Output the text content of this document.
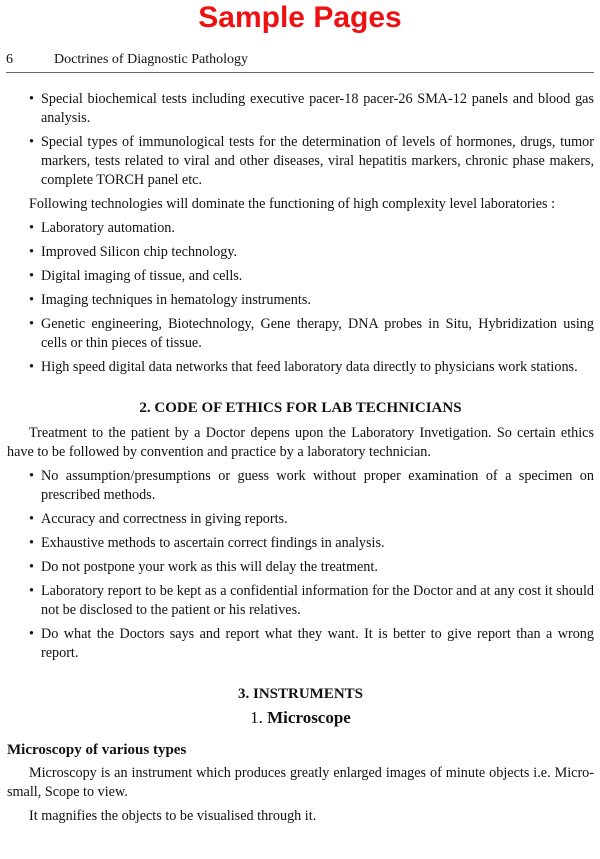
Sample Pages
6	Doctrines of Diagnostic Pathology
• Special biochemical tests including executive pacer-18 pacer-26 SMA-12 panels and blood gas analysis.
• Special types of immunological tests for the determination of levels of hormones, drugs, tumor markers, tests related to viral and other diseases, viral hepatitis markers, chronic phase makers, complete TORCH panel etc.

Following technologies will dominate the functioning of high complexity level laboratories :

• Laboratory automation.
• Improved Silicon chip technology.
• Digital imaging of tissue, and cells.
• Imaging techniques in hematology instruments.
• Genetic engineering, Biotechnology, Gene therapy, DNA probes in Situ, Hybridization using cells or thin pieces of tissue.
• High speed digital data networks that feed laboratory data directly to physicians work stations.
2. CODE OF ETHICS FOR LAB TECHNICIANS

Treatment to the patient by a Doctor depens upon the Laboratory Invetigation. So certain ethics have to be followed by convention and practice by a laboratory technician.

• No assumption/presumptions or guess work without proper examination of a specimen on prescribed methods.
• Accuracy and correctness in giving reports.
• Exhaustive methods to ascertain correct findings in analysis.
• Do not postpone your work as this will delay the treatment.
• Laboratory report to be kept as a confidential information for the Doctor and at any cost it should not be disclosed to the patient or his relatives.
• Do what the Doctors says and report what they want. It is better to give report than a wrong report.
3. INSTRUMENTS
1. Microscope
Microscopy of various types

Microscopy is an instrument which produces greatly enlarged images of minute objects i.e. Micro-small, Scope to view.

It magnifies the objects to be visualised through it.
